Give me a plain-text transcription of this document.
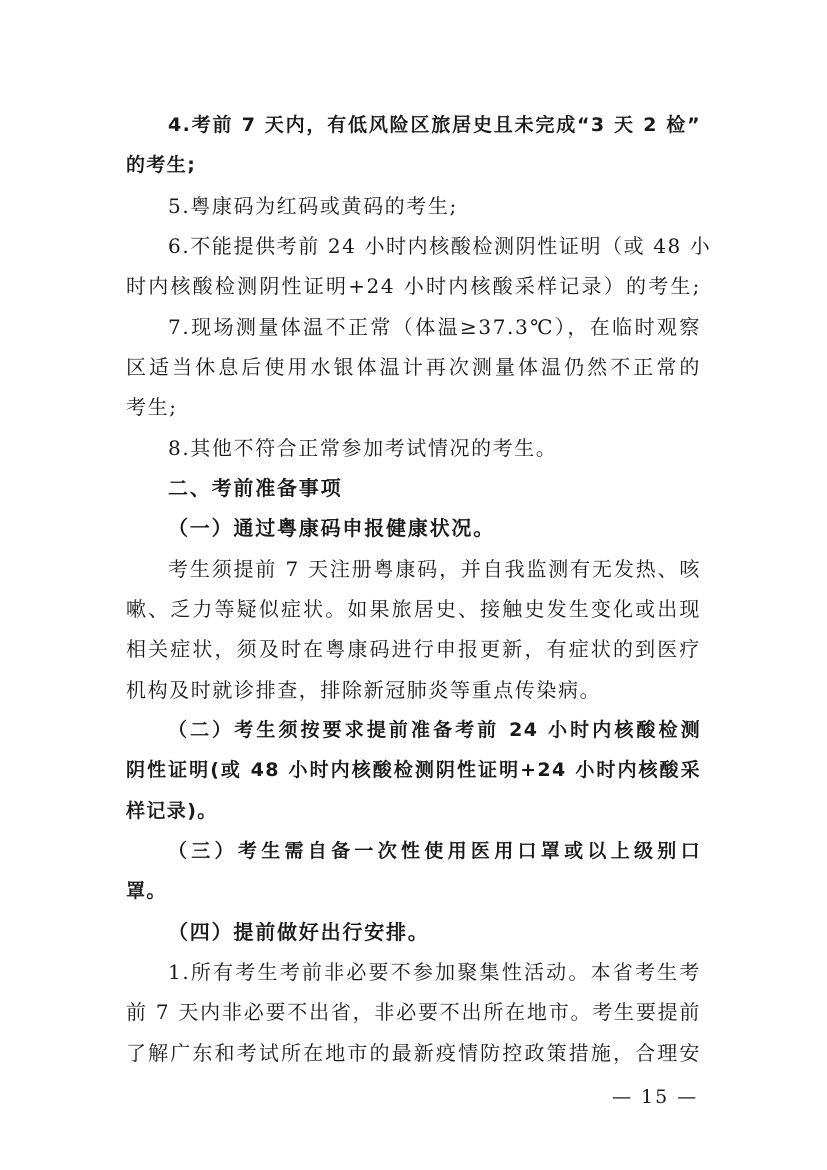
4.考前 7 天内，有低风险区旅居史且未完成“3 天 2 检”
的考生;
5.粤康码为红码或黄码的考生;
6.不能提供考前 24 小时内核酸检测阴性证明（或 48 小
时内核酸检测阴性证明+24 小时内核酸采样记录）的考生;
7.现场测量体温不正常（体温≥37.3℃），在临时观察
区适当休息后使用水银体温计再次测量体温仍然不正常的
考生;
8.其他不符合正常参加考试情况的考生。
二、考前准备事项
（一）通过粤康码申报健康状况。
考生须提前 7 天注册粤康码，并自我监测有无发热、咳
嗽、乏力等疑似症状。如果旅居史、接触史发生变化或出现
相关症状，须及时在粤康码进行申报更新，有症状的到医疗
机构及时就诊排查，排除新冠肺炎等重点传染病。
（二）考生须按要求提前准备考前 24 小时内核酸检测
阴性证明(或 48 小时内核酸检测阴性证明+24 小时内核酸采
样记录)。
（三）考生需自备一次性使用医用口罩或以上级别口
罩。
（四）提前做好出行安排。
1.所有考生考前非必要不参加聚集性活动。本省考生考
前 7 天内非必要不出省，非必要不出所在地市。考生要提前
了解广东和考试所在地市的最新疫情防控政策措施，合理安
— 15 —
